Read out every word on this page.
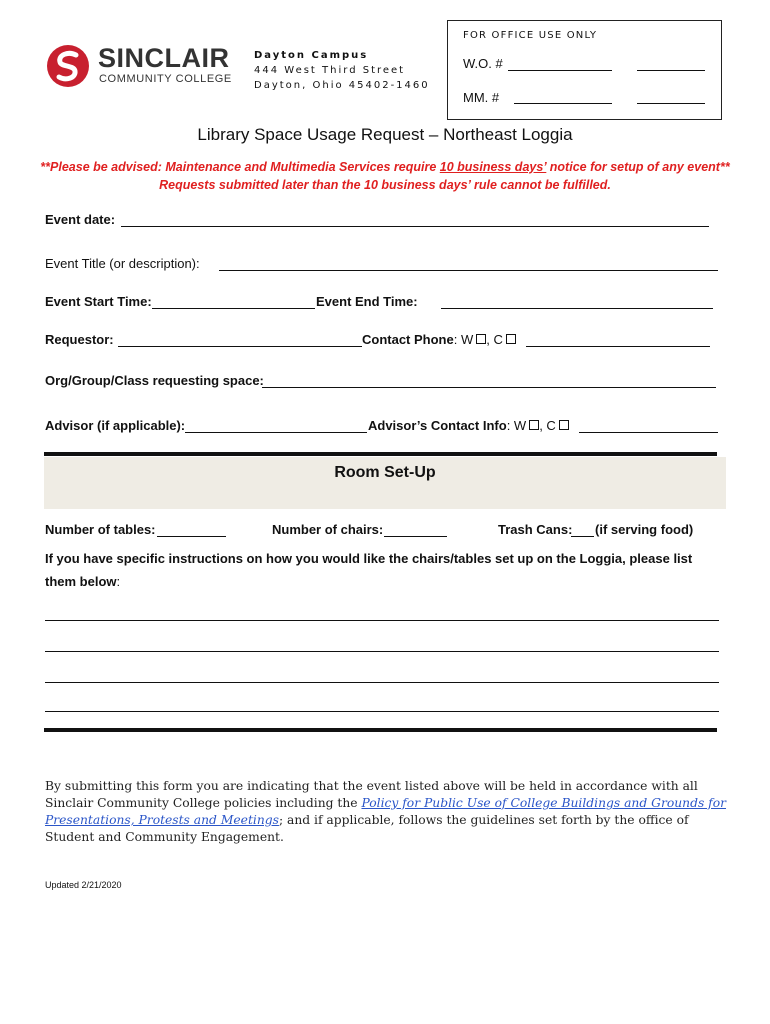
SINCLAIR
COMMUNITY COLLEGE
Dayton Campus
444 West Third Street
Dayton, Ohio 45402-1460
FOR OFFICE USE ONLY
W.O. #
MM. #
Library Space Usage Request – Northeast Loggia
**Please be advised: Maintenance and Multimedia Services require 10 business days’ notice for setup of any event**
Requests submitted later than the 10 business days’ rule cannot be fulfilled.
Event date:
Event Title (or description):
Event Start Time:	Event End Time:
Requestor:	Contact Phone: W , C
Org/Group/Class requesting space:
Advisor (if applicable):	Advisor’s Contact Info: W , C
Room Set-Up
Number of tables:	Number of chairs:	Trash Cans: (if serving food)
If you have specific instructions on how you would like the chairs/tables set up on the Loggia, please list
them below:
By submitting this form you are indicating that the event listed above will be held in accordance with all Sinclair Community College policies including the Policy for Public Use of College Buildings and Grounds for Presentations, Protests and Meetings; and if applicable, follows the guidelines set forth by the office of Student and Community Engagement.
Updated 2/21/2020
